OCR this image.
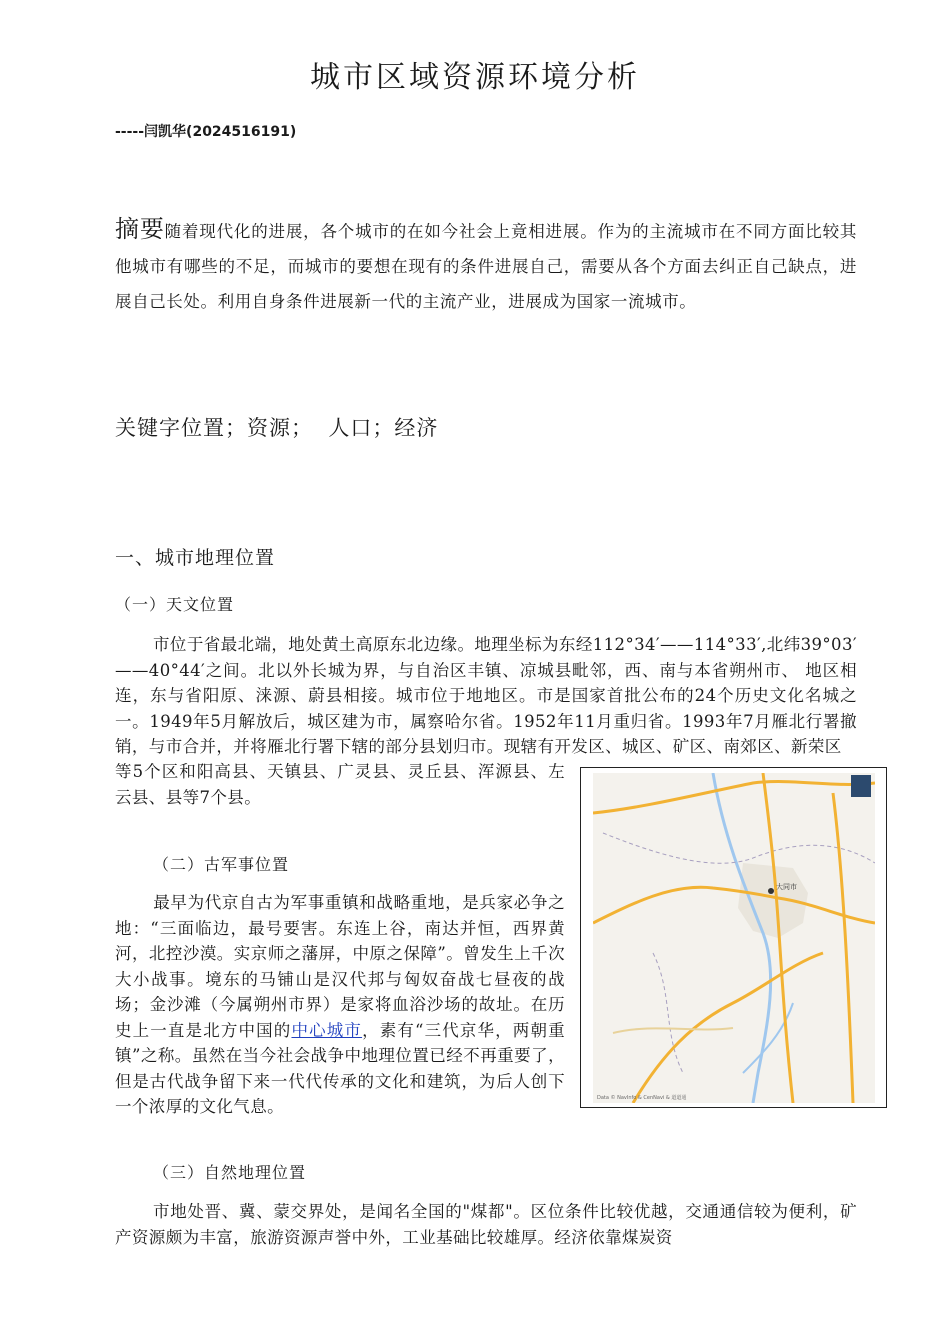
城市区域资源环境分析
-----闫凯华(2024516191)
摘要随着现代化的进展，各个城市的在如今社会上竟相进展。作为的主流城市在不同方面比较其他城市有哪些的不足，而城市的要想在现有的条件进展自己，需要从各个方面去纠正自己缺点，进展自己长处。利用自身条件进展新一代的主流产业，进展成为国家一流城市。
关键字位置；资源；  人口；经济
一、城市地理位置
（一）天文位置
市位于省最北端，地处黄土高原东北边缘。地理坐标为东经112°34′——114°33′,北纬39°03′——40°44′之间。北以外长城为界，与自治区丰镇、凉城县毗邻，西、南与本省朔州市、 地区相连，东与省阳原、涞源、蔚县相接。城市位于地地区。市是国家首批公布的24个历史文化名城之一。1949年5月解放后，城区建为市，属察哈尔省。1952年11月重归省。1993年7月雁北行署撤销，与市合并，并将雁北行署下辖的部分县划归市。现辖有开发区、城区、矿区、南郊区、新荣区
等5个区和阳高县、天镇县、广灵县、灵丘县、浑源县、左云县、县等7个县。
（二）古军事位置
最早为代京自古为军事重镇和战略重地，是兵家必争之地：“三面临边，最号要害。东连上谷，南达并恒，西界黄河，北控沙漠。实京师之藩屏，中原之保障”。曾发生上千次大小战事。境东的马铺山是汉代邦与匈奴奋战七昼夜的战场；金沙滩（今属朔州市界）是家将血浴沙场的故址。在历史上一直是北方中国的中心城市，素有“三代京华，两朝重镇”之称。虽然在当今社会战争中地理位置已经不再重要了，但是古代战争留下来一代代传承的文化和建筑，为后人创下一个浓厚的文化气息。
（三）自然地理位置
市地处晋、冀、蒙交界处，是闻名全国的"煤都"。区位条件比较优越，交通通信较为便利，矿产资源颇为丰富，旅游资源声誉中外，工业基础比较雄厚。经济依靠煤炭资
大同市
Data © NavInfo & CenNavi & 道道通
